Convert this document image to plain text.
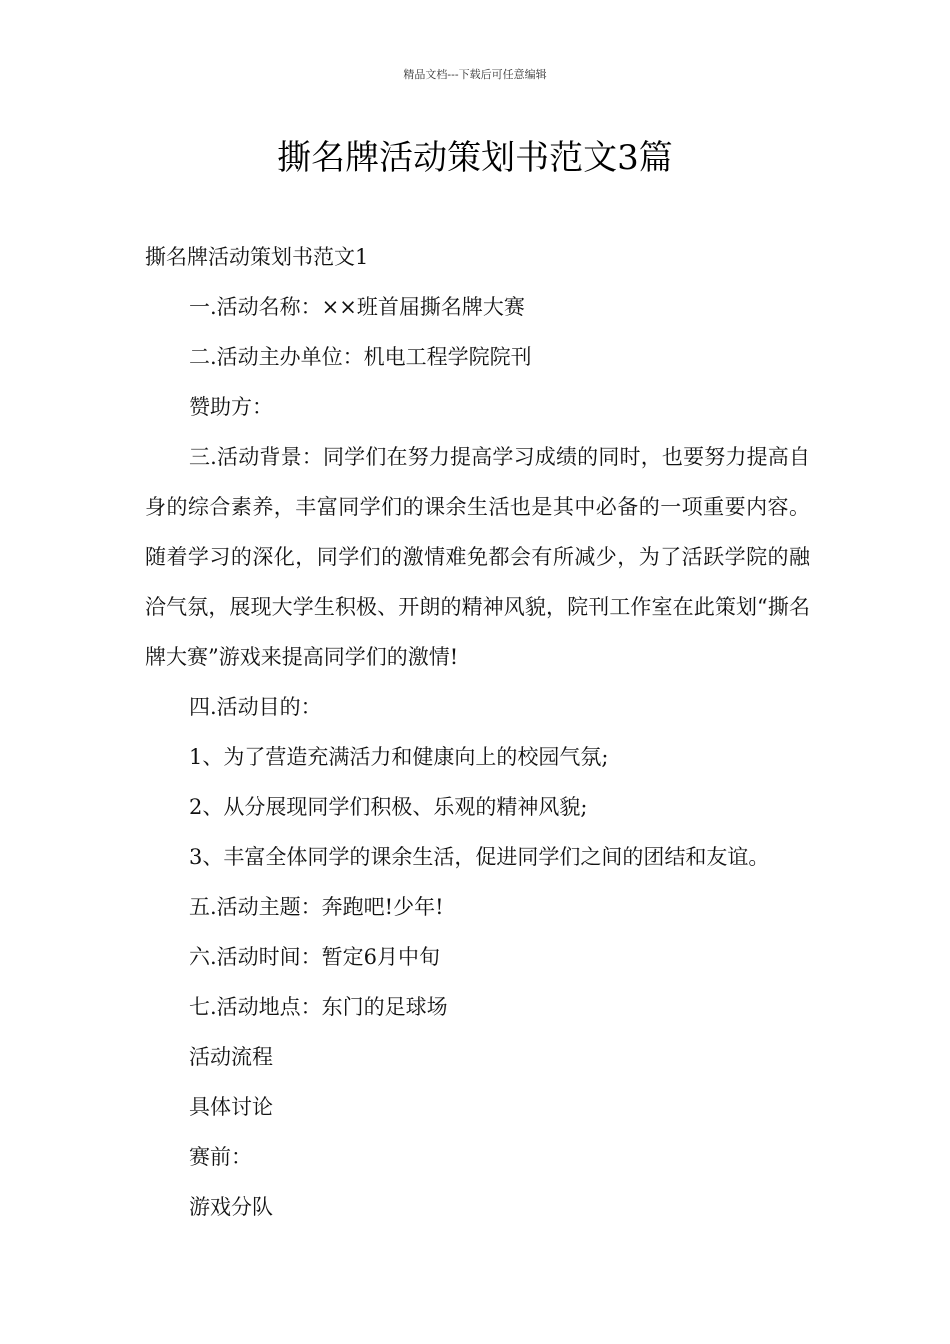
精品文档---下载后可任意编辑
撕名牌活动策划书范文3篇

撕名牌活动策划书范文1

一.活动名称：××班首届撕名牌大赛

二.活动主办单位：机电工程学院院刊

赞助方：

三.活动背景：同学们在努力提高学习成绩的同时，也要努力提高自身的综合素养，丰富同学们的课余生活也是其中必备的一项重要内容。随着学习的深化，同学们的激情难免都会有所减少，为了活跃学院的融洽气氛，展现大学生积极、开朗的精神风貌，院刊工作室在此策划“撕名牌大赛”游戏来提高同学们的激情!

四.活动目的：

1、为了营造充满活力和健康向上的校园气氛;

2、从分展现同学们积极、乐观的精神风貌;

3、丰富全体同学的课余生活，促进同学们之间的团结和友谊。

五.活动主题：奔跑吧!少年!

六.活动时间：暂定6月中旬

七.活动地点：东门的足球场

活动流程

具体讨论

赛前：

游戏分队
